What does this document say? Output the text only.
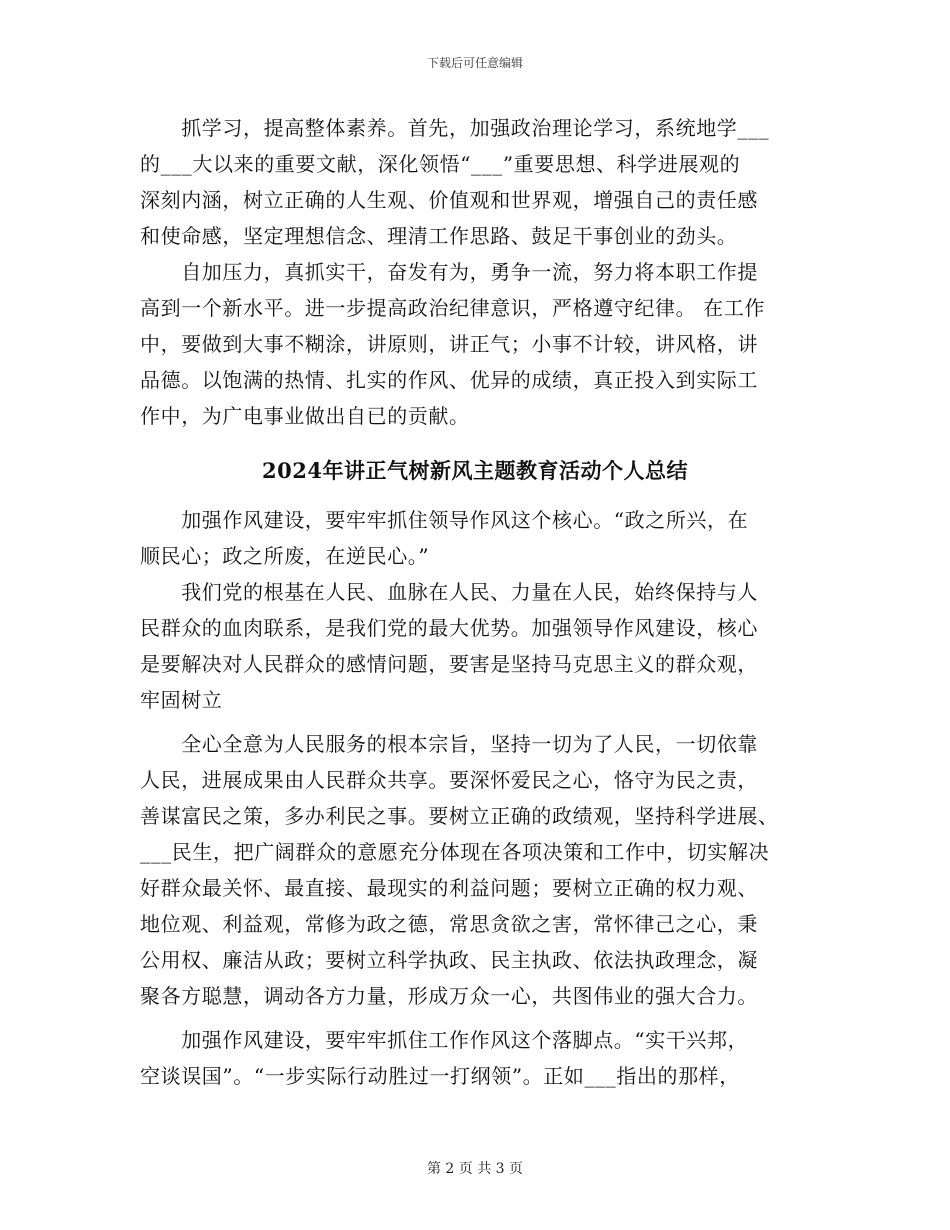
下载后可任意编辑
　　抓学习，提高整体素养。首先，加强政治理论学习，系统地学___
的___大以来的重要文献，深化领悟“___”重要思想、科学进展观的
深刻内涵，树立正确的人生观、价值观和世界观，增强自己的责任感
和使命感，坚定理想信念、理清工作思路、鼓足干事创业的劲头。
　　自加压力，真抓实干，奋发有为，勇争一流，努力将本职工作提
高到一个新水平。进一步提高政治纪律意识，严格遵守纪律。 在工作
中，要做到大事不糊涂，讲原则，讲正气；小事不计较，讲风格，讲
品德。以饱满的热情、扎实的作风、优异的成绩，真正投入到实际工
作中，为广电事业做出自已的贡献。
2024年讲正气树新风主题教育活动个人总结
　　加强作风建设，要牢牢抓住领导作风这个核心。“政之所兴，在
顺民心；政之所废，在逆民心。”
　　我们党的根基在人民、血脉在人民、力量在人民，始终保持与人
民群众的血肉联系，是我们党的最大优势。加强领导作风建设，核心
是要解决对人民群众的感情问题，要害是坚持马克思主义的群众观，
牢固树立
　　全心全意为人民服务的根本宗旨，坚持一切为了人民，一切依靠
人民，进展成果由人民群众共享。要深怀爱民之心，恪守为民之责，
善谋富民之策，多办利民之事。要树立正确的政绩观，坚持科学进展、
___民生，把广阔群众的意愿充分体现在各项决策和工作中，切实解决
好群众最关怀、最直接、最现实的利益问题；要树立正确的权力观、
地位观、利益观，常修为政之德，常思贪欲之害，常怀律己之心，秉
公用权、廉洁从政；要树立科学执政、民主执政、依法执政理念，凝
聚各方聪慧，调动各方力量，形成万众一心，共图伟业的强大合力。
　　加强作风建设，要牢牢抓住工作作风这个落脚点。“实干兴邦，
空谈误国”。“一步实际行动胜过一打纲领”。正如___指出的那样，
第 2 页 共 3 页
